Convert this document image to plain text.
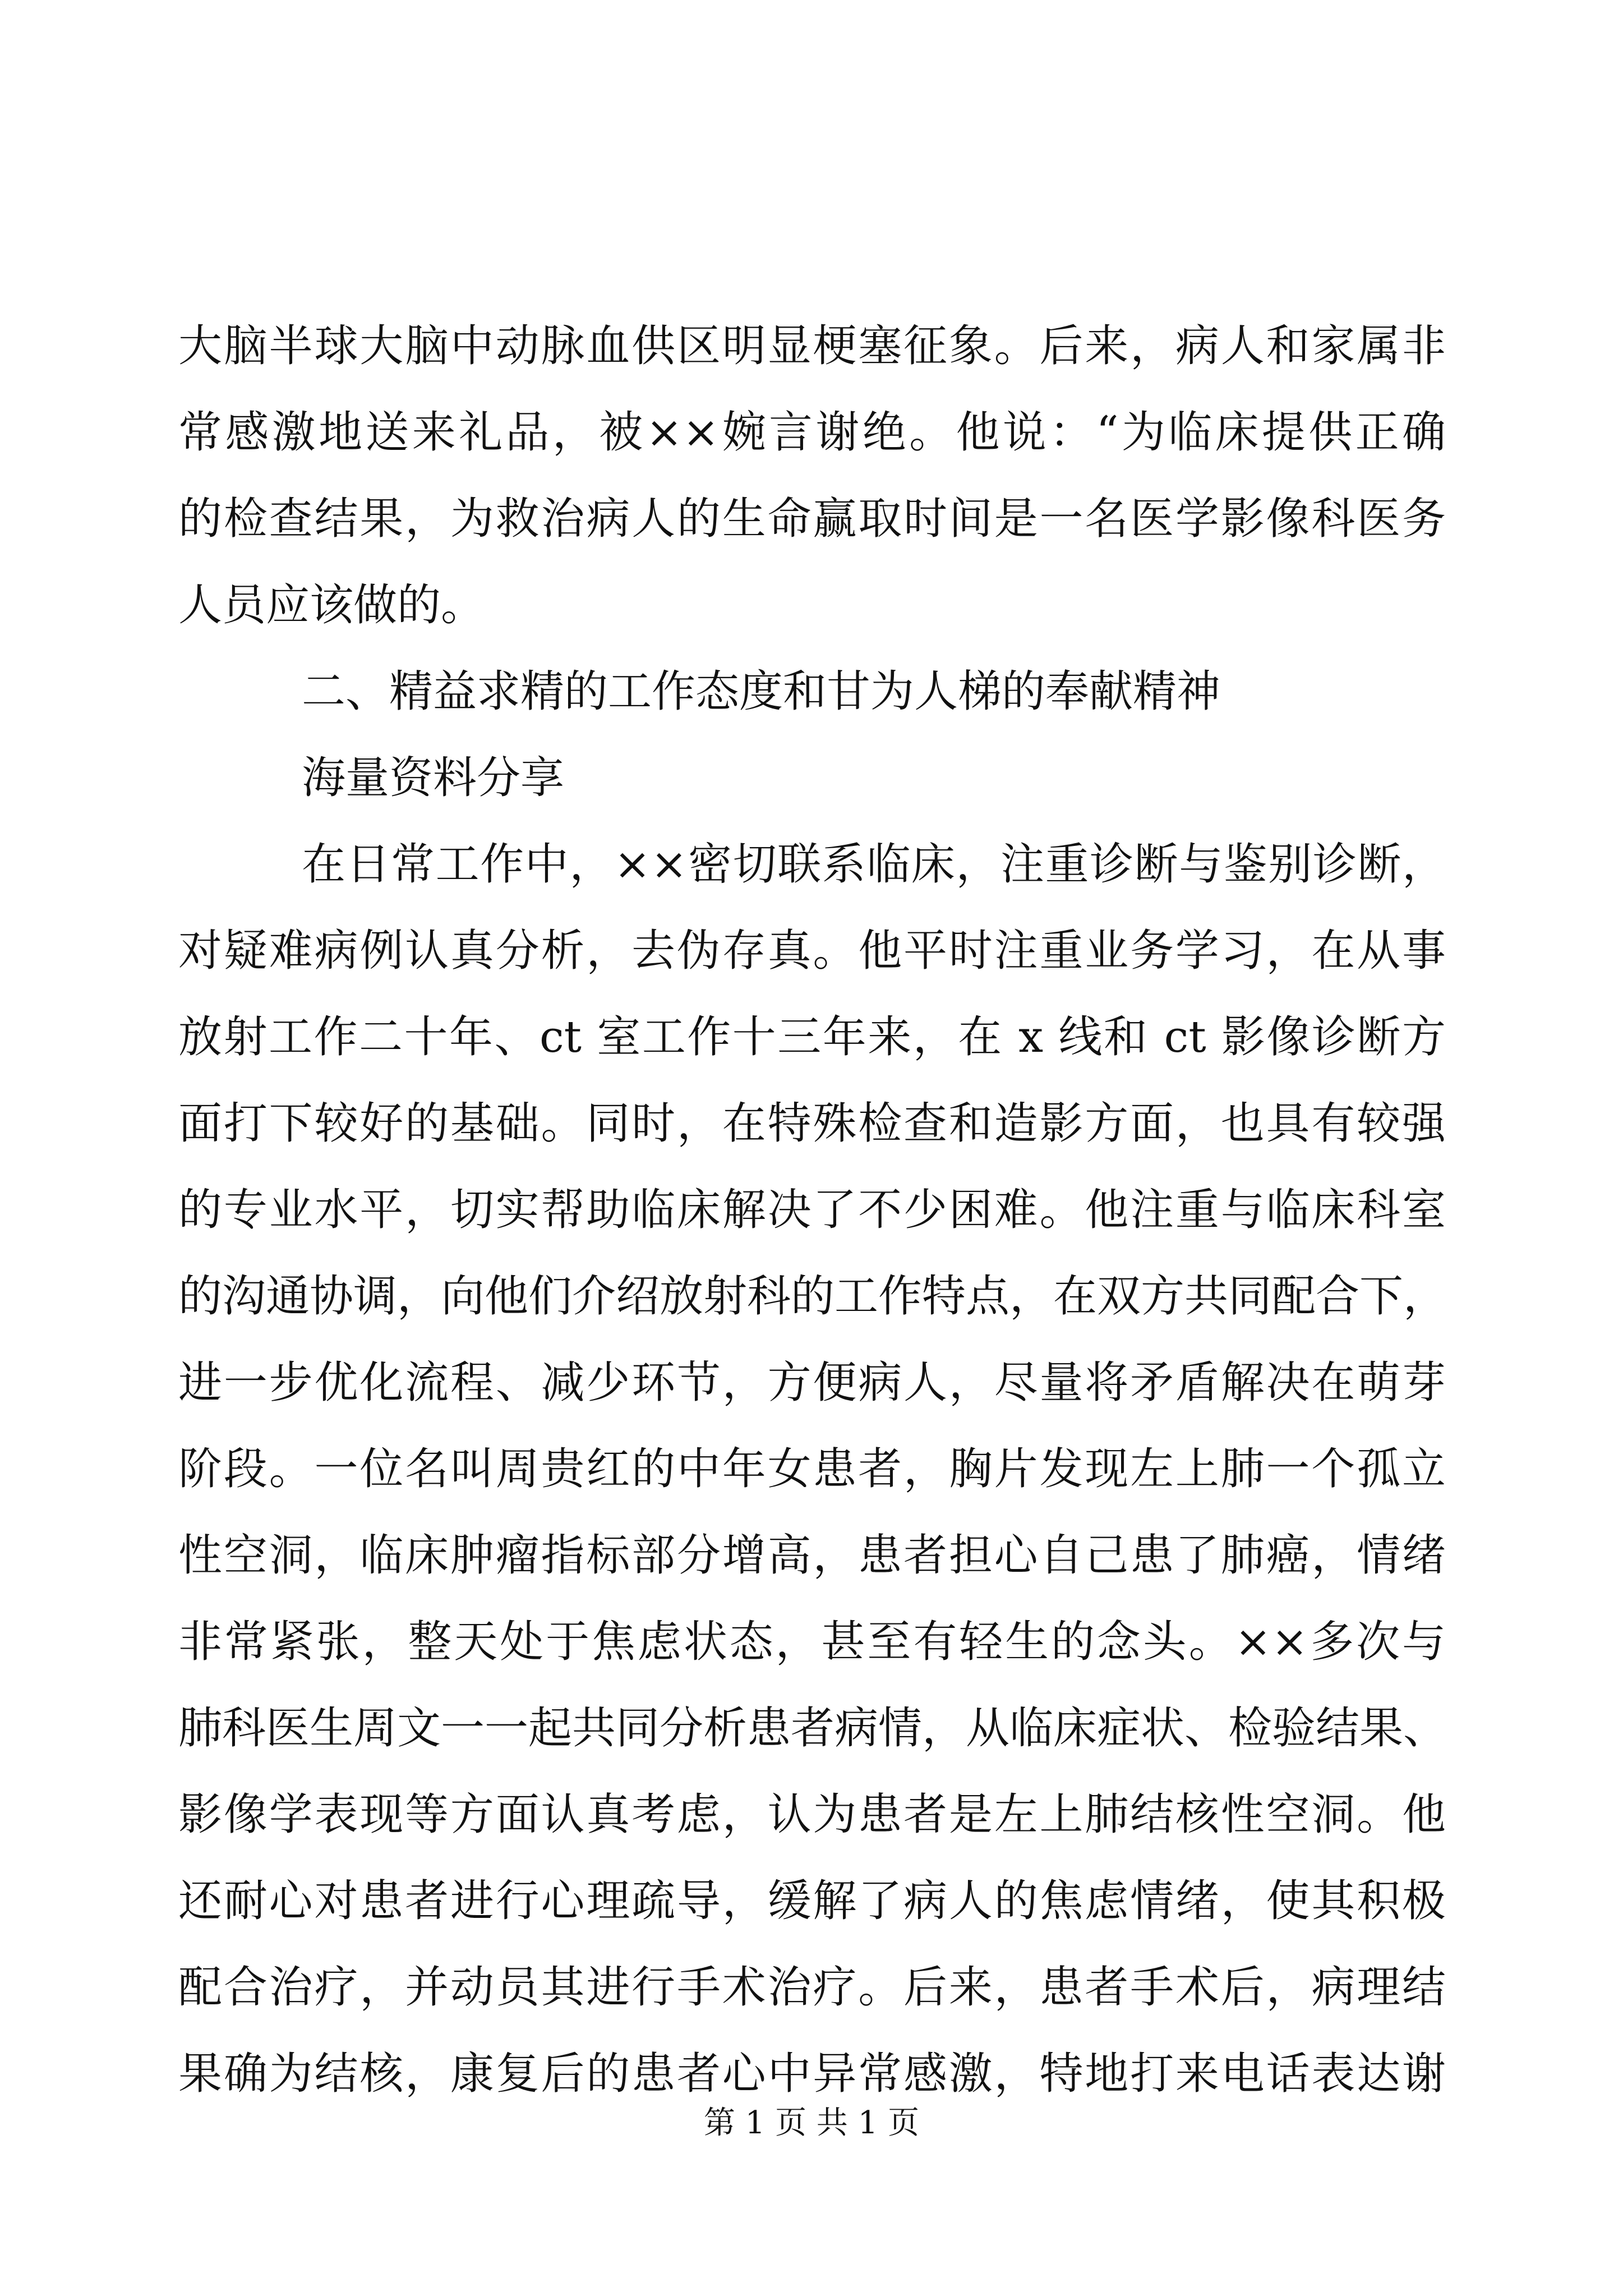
大脑半球大脑中动脉血供区明显梗塞征象。后来，病人和家属非
常感激地送来礼品，被××婉言谢绝。他说：“为临床提供正确
的检查结果，为救治病人的生命赢取时间是一名医学影像科医务
人员应该做的。
二、精益求精的工作态度和甘为人梯的奉献精神
海量资料分享
在日常工作中，××密切联系临床，注重诊断与鉴别诊断，
对疑难病例认真分析，去伪存真。他平时注重业务学习，在从事
放射工作二十年、ct 室工作十三年来，在 x 线和 ct 影像诊断方
面打下较好的基础。同时，在特殊检查和造影方面，也具有较强
的专业水平，切实帮助临床解决了不少困难。他注重与临床科室
的沟通协调，向他们介绍放射科的工作特点，在双方共同配合下，
进一步优化流程、减少环节，方便病人，尽量将矛盾解决在萌芽
阶段。一位名叫周贵红的中年女患者，胸片发现左上肺一个孤立
性空洞，临床肿瘤指标部分增高，患者担心自己患了肺癌，情绪
非常紧张，整天处于焦虑状态，甚至有轻生的念头。××多次与
肺科医生周文一一起共同分析患者病情，从临床症状、检验结果、
影像学表现等方面认真考虑，认为患者是左上肺结核性空洞。他
还耐心对患者进行心理疏导，缓解了病人的焦虑情绪，使其积极
配合治疗，并动员其进行手术治疗。后来，患者手术后，病理结
果确为结核，康复后的患者心中异常感激，特地打来电话表达谢
第 1 页 共 1 页
